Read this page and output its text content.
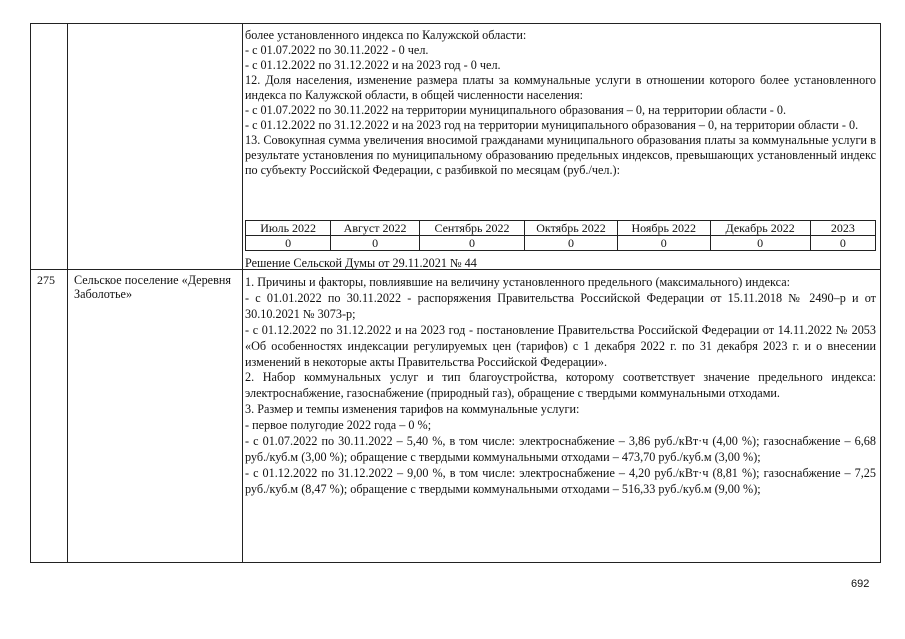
более установленного индекса по Калужской области:

- с 01.07.2022 по 30.11.2022 - 0 чел.

- с 01.12.2022 по 31.12.2022 и на 2023 год - 0 чел.

12. Доля населения, изменение размера платы за коммунальные услуги в отношении которого более установленного индекса по Калужской области, в общей численности населения:

- с 01.07.2022 по 30.11.2022 на территории муниципального образования – 0, на территории области - 0.

- с 01.12.2022 по 31.12.2022 и на 2023 год на территории муниципального образования – 0, на территории области - 0.

13. Совокупная сумма увеличения вносимой гражданами муниципального образования платы за коммунальные услуги в результате установления по муниципальному образованию предельных индексов, превышающих установленный индекс по субъекту Российской Федерации, с разбивкой по месяцам (руб./чел.):

Июль 2022	Август 2022	Сентябрь 2022	Октябрь 2022	Ноябрь 2022	Декабрь 2022	2023
0	0	0	0	0	0	0
Решение Сельской Думы от 29.11.2021 № 44
275 Сельское поселение «Деревня Заболотье»

1. Причины и факторы, повлиявшие на величину установленного предельного (максимального) индекса:

- с 01.01.2022 по 30.11.2022 - распоряжения Правительства Российской Федерации от 15.11.2018 № 2490–р и от 30.10.2021 № 3073-р;

- с 01.12.2022 по 31.12.2022 и на 2023 год - постановление Правительства Российской Федерации от 14.11.2022 № 2053 «Об особенностях индексации регулируемых цен (тарифов) с 1 декабря 2022 г. по 31 декабря 2023 г. и о внесении изменений в некоторые акты Правительства Российской Федерации».

2. Набор коммунальных услуг и тип благоустройства, которому соответствует значение предельного индекса: электроснабжение, газоснабжение (природный газ), обращение с твердыми коммунальными отходами.

3. Размер и темпы изменения тарифов на коммунальные услуги:

- первое полугодие 2022 года – 0 %;

- с 01.07.2022 по 30.11.2022 – 5,40 %, в том числе: электроснабжение – 3,86 руб./кВт·ч (4,00 %); газоснабжение – 6,68 руб./куб.м (3,00 %); обращение с твердыми коммунальными отходами – 473,70 руб./куб.м (3,00 %);

- с 01.12.2022 по 31.12.2022 – 9,00 %, в том числе: электроснабжение – 4,20 руб./кВт·ч (8,81 %); газоснабжение – 7,25 руб./куб.м (8,47 %); обращение с твердыми коммунальными отходами – 516,33 руб./куб.м (9,00 %);

692
